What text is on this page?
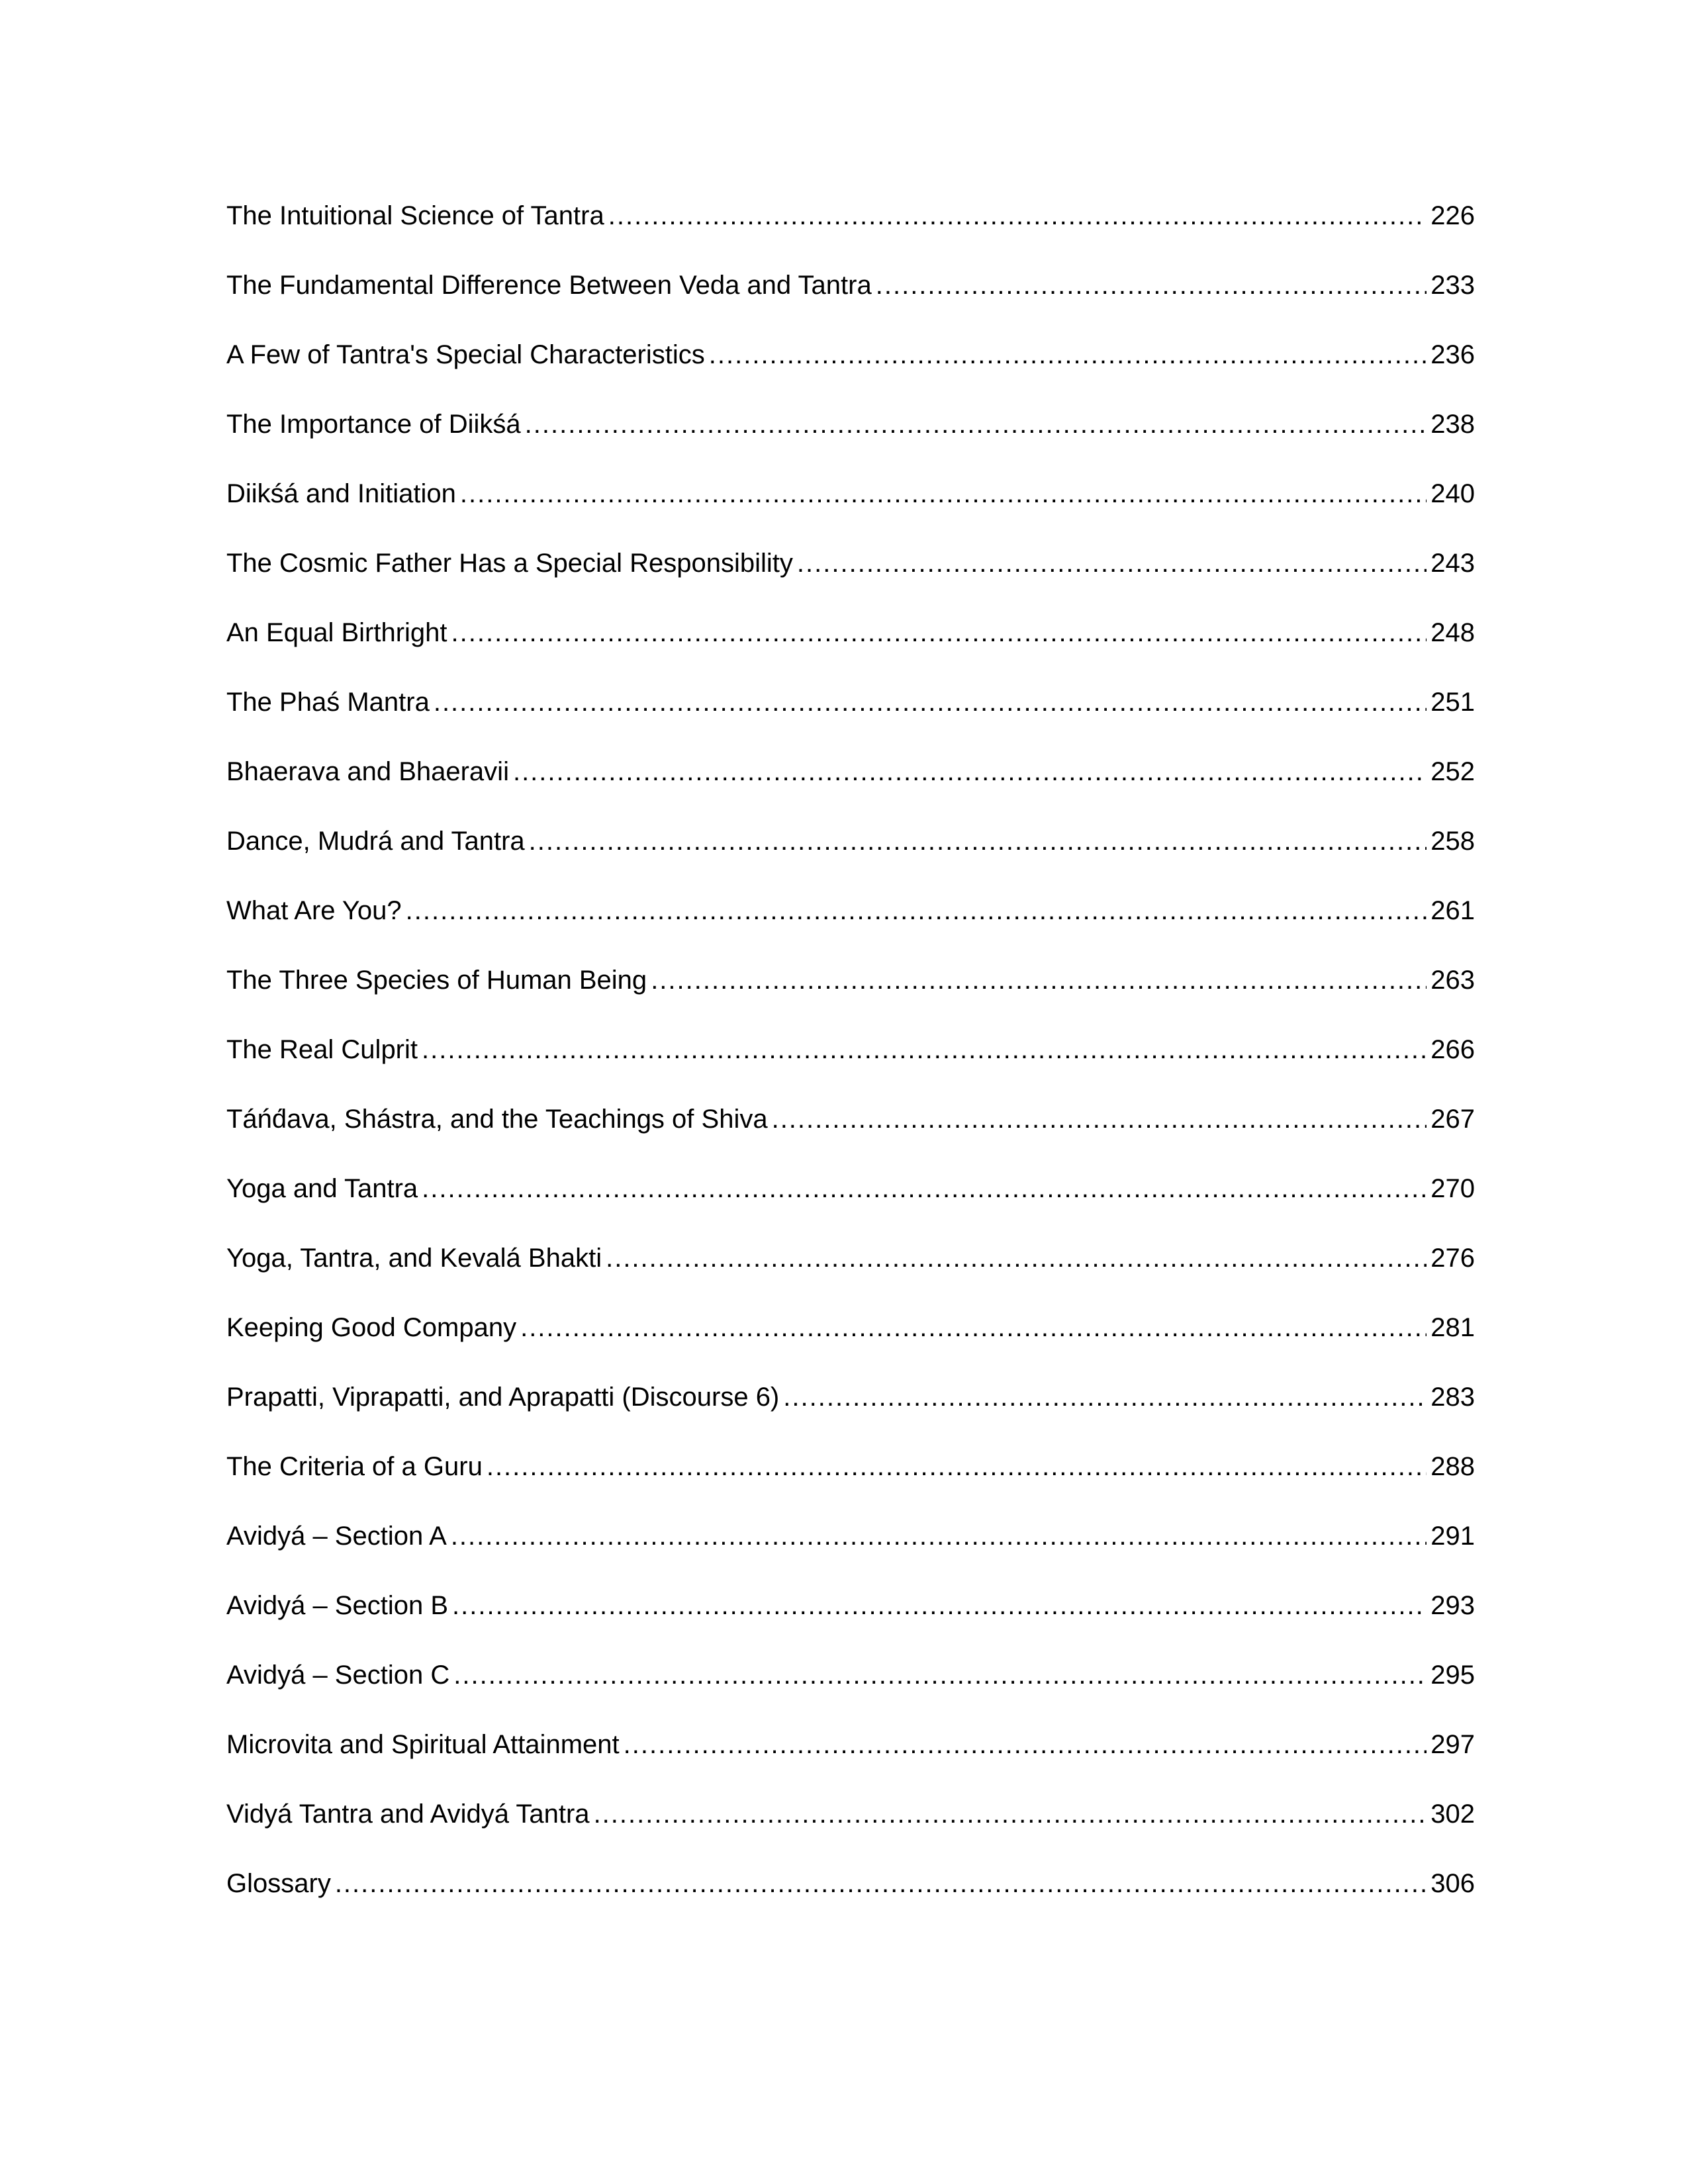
The Intuitional Science of Tantra .....	226
The Fundamental Difference Between Veda and Tantra .....	233
A Few of Tantra's Special Characteristics .....	236
The Importance of Diikśá .....	238
Diikśá and Initiation .....	240
The Cosmic Father Has a Special Responsibility .....	243
An Equal Birthright .....	248
The Phaś Mantra .....	251
Bhaerava and Bhaeravii .....	252
Dance, Mudrá and Tantra .....	258
What Are You? .....	261
The Three Species of Human Being .....	263
The Real Culprit .....	266
Táńd́ava, Shástra, and the Teachings of Shiva .....	267
Yoga and Tantra .....	270
Yoga, Tantra, and Kevalá Bhakti .....	276
Keeping Good Company .....	281
Prapatti, Viprapatti, and Aprapatti (Discourse 6) .....	283
The Criteria of a Guru .....	288
Avidyá – Section A .....	291
Avidyá – Section B .....	293
Avidyá – Section C .....	295
Microvita and Spiritual Attainment .....	297
Vidyá Tantra and Avidyá Tantra .....	302
Glossary .....	306
